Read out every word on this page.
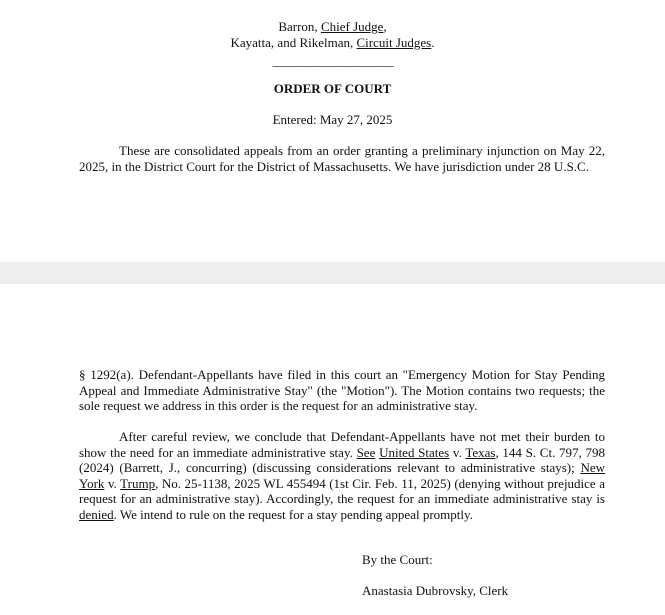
Barron, Chief Judge,
Kayatta, and Rikelman, Circuit Judges.
________________________
ORDER OF COURT
Entered: May 27, 2025
These are consolidated appeals from an order granting a preliminary injunction on May 22, 2025, in the District Court for the District of Massachusetts. We have jurisdiction under 28 U.S.C.
§ 1292(a). Defendant-Appellants have filed in this court an "Emergency Motion for Stay Pending Appeal and Immediate Administrative Stay" (the "Motion"). The Motion contains two requests; the sole request we address in this order is the request for an administrative stay.
After careful review, we conclude that Defendant-Appellants have not met their burden to show the need for an immediate administrative stay. See United States v. Texas, 144 S. Ct. 797, 798 (2024) (Barrett, J., concurring) (discussing considerations relevant to administrative stays); New York v. Trump, No. 25-1138, 2025 WL 455494 (1st Cir. Feb. 11, 2025) (denying without prejudice a request for an administrative stay). Accordingly, the request for an immediate administrative stay is denied. We intend to rule on the request for a stay pending appeal promptly.
By the Court:
Anastasia Dubrovsky, Clerk
